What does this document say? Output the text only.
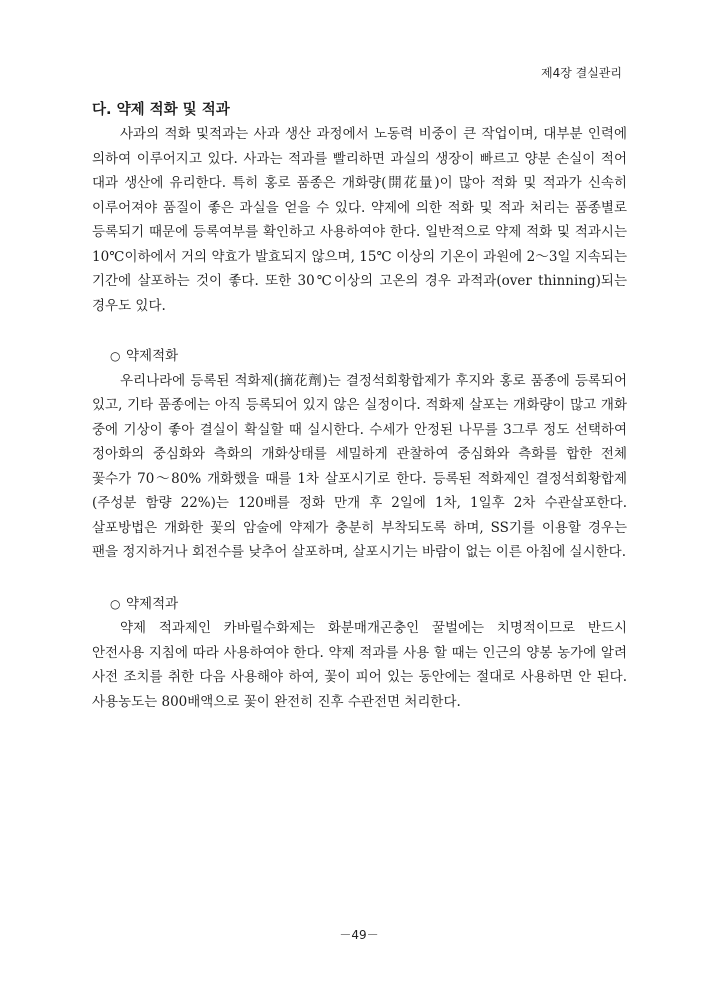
제4장 결실관리
다. 약제 적화 및 적과

사과의 적화 및적과는 사과 생산 과정에서 노동력 비중이 큰 작업이며, 대부분 인력에 의하여 이루어지고 있다. 사과는 적과를 빨리하면 과실의 생장이 빠르고 양분 손실이 적어 대과 생산에 유리한다. 특히 홍로 품종은 개화량(開花量)이 많아 적화 및 적과가 신속히 이루어져야 품질이 좋은 과실을 얻을 수 있다. 약제에 의한 적화 및 적과 처리는 품종별로 등록되기 때문에 등록여부를 확인하고 사용하여야 한다. 일반적으로 약제 적화 및 적과시는 10℃이하에서 거의 약효가 발효되지 않으며, 15℃ 이상의 기온이 과원에 2～3일 지속되는 기간에 살포하는 것이 좋다. 또한 30℃이상의 고온의 경우 과적과(over thinning)되는 경우도 있다.

○ 약제적화

우리나라에 등록된 적화제(摘花劑)는 결정석회황합제가 후지와 홍로 품종에 등록되어 있고, 기타 품종에는 아직 등록되어 있지 않은 실정이다. 적화제 살포는 개화량이 많고 개화 중에 기상이 좋아 결실이 확실할 때 실시한다. 수세가 안정된 나무를 3그루 정도 선택하여 정아화의 중심화와 측화의 개화상태를 세밀하게 관찰하여 중심화와 측화를 합한 전체 꽃수가 70～80% 개화했을 때를 1차 살포시기로 한다. 등록된 적화제인 결정석회황합제(주성분 함량 22%)는 120배를 정화 만개 후 2일에 1차, 1일후 2차 수관살포한다. 살포방법은 개화한 꽃의 암술에 약제가 충분히 부착되도록 하며, SS기를 이용할 경우는 팬을 정지하거나 회전수를 낮추어 살포하며, 살포시기는 바람이 없는 이른 아침에 실시한다.

○ 약제적과

약제 적과제인 카바릴수화제는 화분매개곤충인 꿀벌에는 치명적이므로 반드시 안전사용 지침에 따라 사용하여야 한다. 약제 적과를 사용 할 때는 인근의 양봉 농가에 알려 사전 조치를 취한 다음 사용해야 하여, 꽃이 피어 있는 동안에는 절대로 사용하면 안 된다. 사용농도는 800배액으로 꽃이 완전히 진후 수관전면 처리한다.

－49－
